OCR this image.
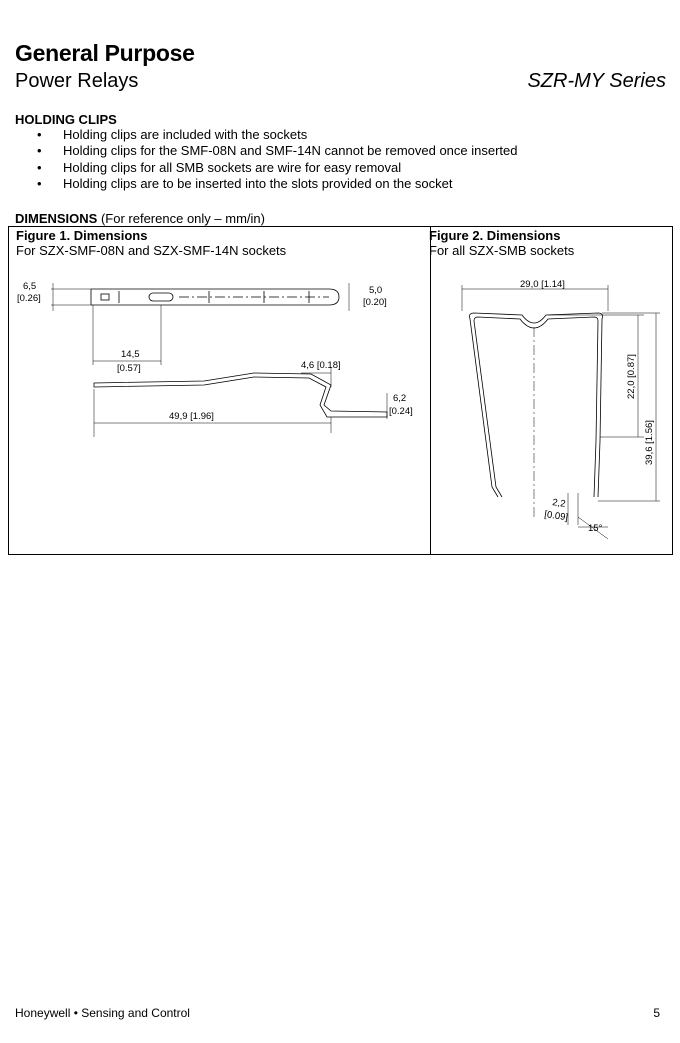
General Purpose
Power Relays	SZR-MY Series
HOLDING CLIPS
• Holding clips are included with the sockets
• Holding clips for the SMF-08N and SMF-14N cannot be removed once inserted
• Holding clips for all SMB sockets are wire for easy removal
• Holding clips are to be inserted into the slots provided on the socket
DIMENSIONS (For reference only – mm/in)
Figure 1. Dimensions
For SZX-SMF-08N and SZX-SMF-14N sockets
Figure 2. Dimensions
For all SZX-SMB sockets
6,5
[0.26]
5,0
[0.20]
14,5
[0.57]	4,6 [0.18]
6,2
[0.24]
49,9 [1.96]
29,0 [1.14]
22,0 [0.87]
39,6 [1.56]
2,2
[0.09]
15°
Honeywell • Sensing and Control	5
